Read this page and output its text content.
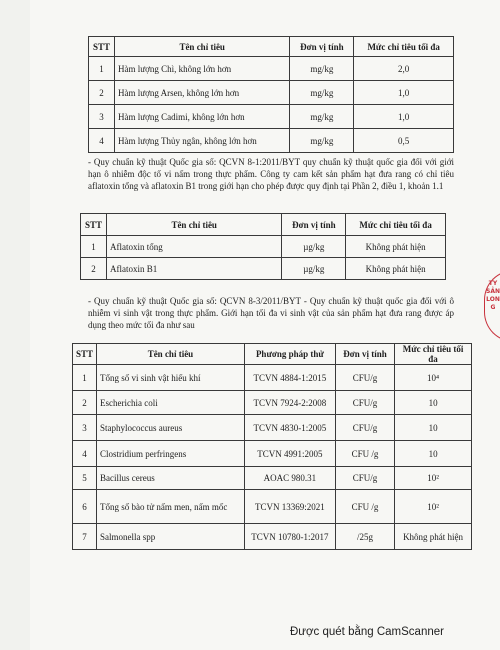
STT	Tên chỉ tiêu	Đơn vị tính	Mức chỉ tiêu tối đa
1	Hàm lượng Chì, không lớn hơn	mg/kg	2,0
2	Hàm lượng Arsen, không lớn hơn	mg/kg	1,0
3	Hàm lượng Cadimi, không lớn hơn	mg/kg	1,0
4	Hàm lượng Thủy ngân, không lớn hơn	mg/kg	0,5
- Quy chuẩn kỹ thuật Quốc gia số: QCVN 8-1:2011/BYT quy chuẩn kỹ thuật quốc gia đối với giới hạn ô nhiễm độc tố vi nấm trong thực phẩm. Công ty cam kết sản phẩm hạt đưa rang có chỉ tiêu aflatoxin tổng và aflatoxin B1 trong giới hạn cho phép được quy định tại Phần 2, điều 1, khoản 1.1
STT	Tên chỉ tiêu	Đơn vị tính	Mức chỉ tiêu tối đa
1	Aflatoxin tổng	µg/kg	Không phát hiện
2	Aflatoxin B1	µg/kg	Không phát hiện
- Quy chuẩn kỹ thuật Quốc gia số: QCVN 8-3/2011/BYT - Quy chuẩn kỹ thuật quốc gia đối với ô nhiễm vi sinh vật trong thực phẩm. Giới hạn tối đa vi sinh vật của sản phẩm hạt đưa rang được áp dụng theo mức tối đa như sau
STT	Tên chỉ tiêu	Phương pháp thử	Đơn vị tính	Mức chỉ tiêu tối đa
1	Tổng số vi sinh vật hiếu khí	TCVN 4884-1:2015	CFU/g	10⁴
2	Escherichia coli	TCVN 7924-2:2008	CFU/g	10
3	Staphylococcus aureus	TCVN 4830-1:2005	CFU/g	10
4	Clostridium perfringens	TCVN 4991:2005	CFU /g	10
5	Bacillus cereus	AOAC 980.31	CFU/g	10²
6	Tổng số bào tử nấm men, nấm mốc	TCVN 13369:2021	CFU /g	10²
7	Salmonella spp	TCVN 10780-1:2017	/25g	Không phát hiện
TY SẢN LONG
Được quét bằng CamScanner
